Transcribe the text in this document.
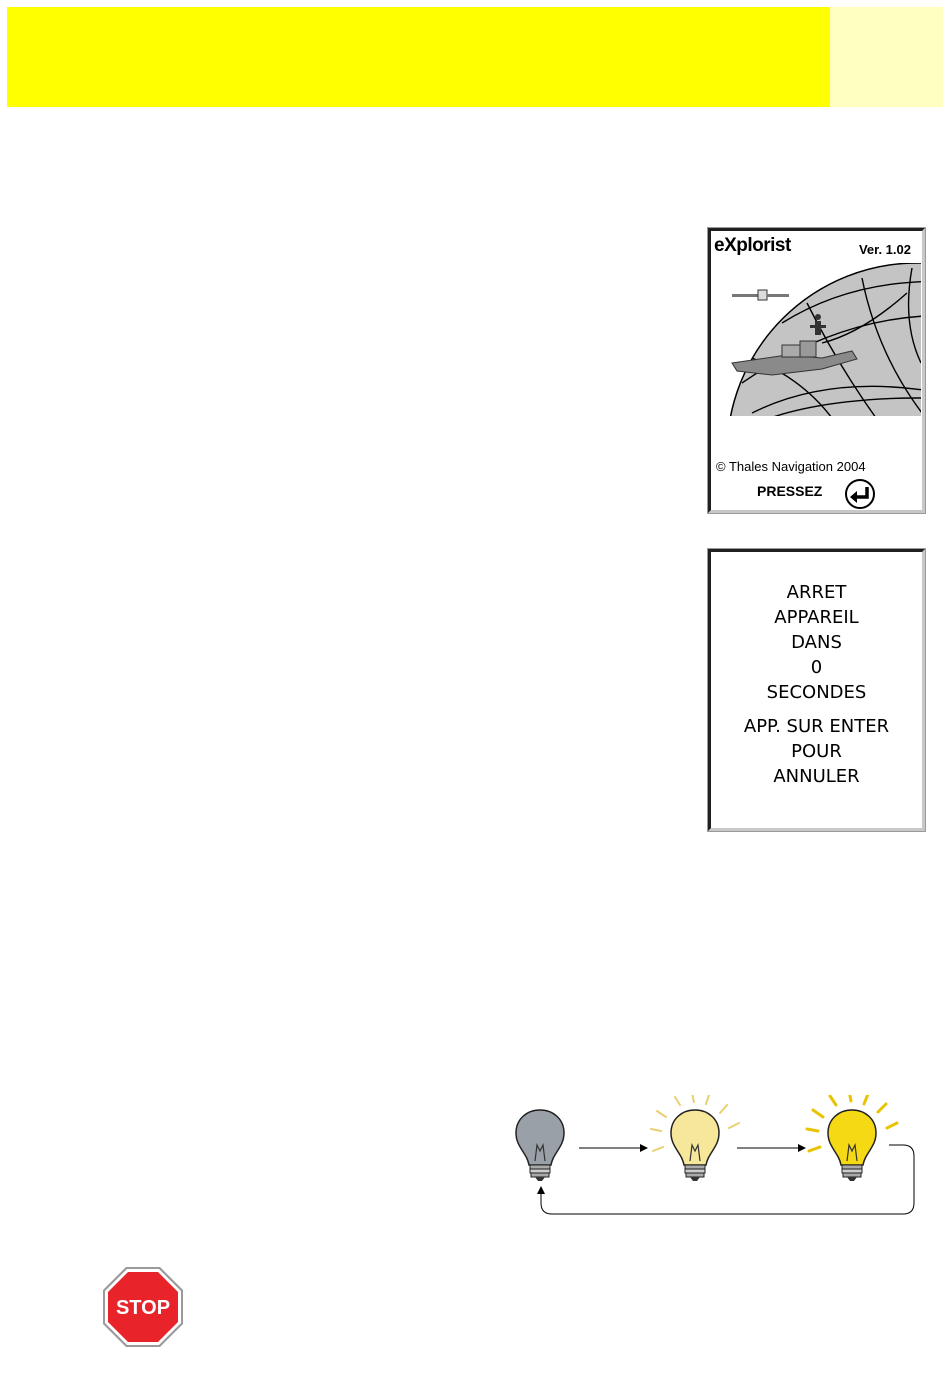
eXplorist	Ver. 1.02
© Thales Navigation 2004
PRESSEZ
ARRET
APPAREIL
DANS
0
SECONDES
APP. SUR ENTER
POUR
ANNULER
STOP
